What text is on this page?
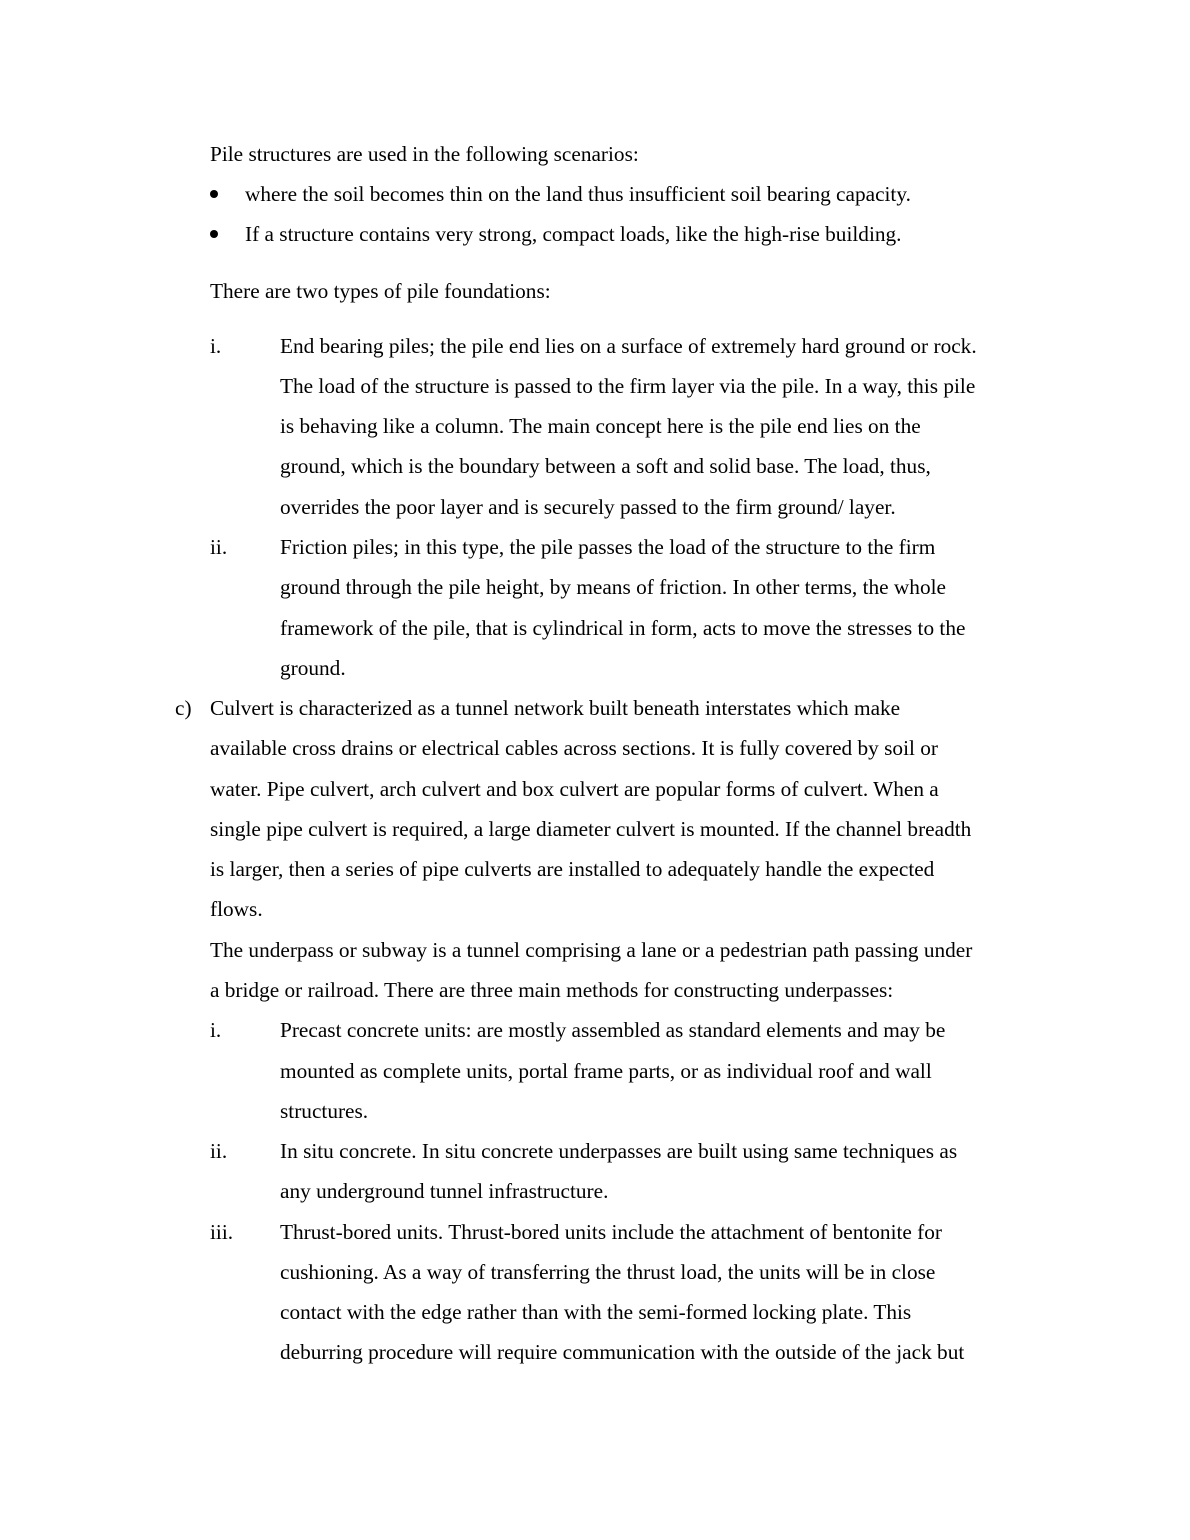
Pile structures are used in the following scenarios:
where the soil becomes thin on the land thus insufficient soil bearing capacity.
If a structure contains very strong, compact loads, like the high-rise building.
There are two types of pile foundations:
i.	End bearing piles; the pile end lies on a surface of extremely hard ground or rock.
The load of the structure is passed to the firm layer via the pile. In a way, this pile
is behaving like a column. The main concept here is the pile end lies on the
ground, which is the boundary between a soft and solid base. The load, thus,
overrides the poor layer and is securely passed to the firm ground/ layer.
ii. Friction piles; in this type, the pile passes the load of the structure to the firm
ground through the pile height, by means of friction. In other terms, the whole
framework of the pile, that is cylindrical in form, acts to move the stresses to the
ground.
c) Culvert is characterized as a tunnel network built beneath interstates which make
available cross drains or electrical cables across sections. It is fully covered by soil or
water. Pipe culvert, arch culvert and box culvert are popular forms of culvert. When a
single pipe culvert is required, a large diameter culvert is mounted. If the channel breadth
is larger, then a series of pipe culverts are installed to adequately handle the expected
flows.
The underpass or subway is a tunnel comprising a lane or a pedestrian path passing under
a bridge or railroad. There are three main methods for constructing underpasses:
i.	Precast concrete units: are mostly assembled as standard elements and may be
mounted as complete units, portal frame parts, or as individual roof and wall
structures.
ii. In situ concrete. In situ concrete underpasses are built using same techniques as
any underground tunnel infrastructure.
iii. Thrust-bored units. Thrust-bored units include the attachment of bentonite for
cushioning. As a way of transferring the thrust load, the units will be in close
contact with the edge rather than with the semi-formed locking plate. This
deburring procedure will require communication with the outside of the jack but
